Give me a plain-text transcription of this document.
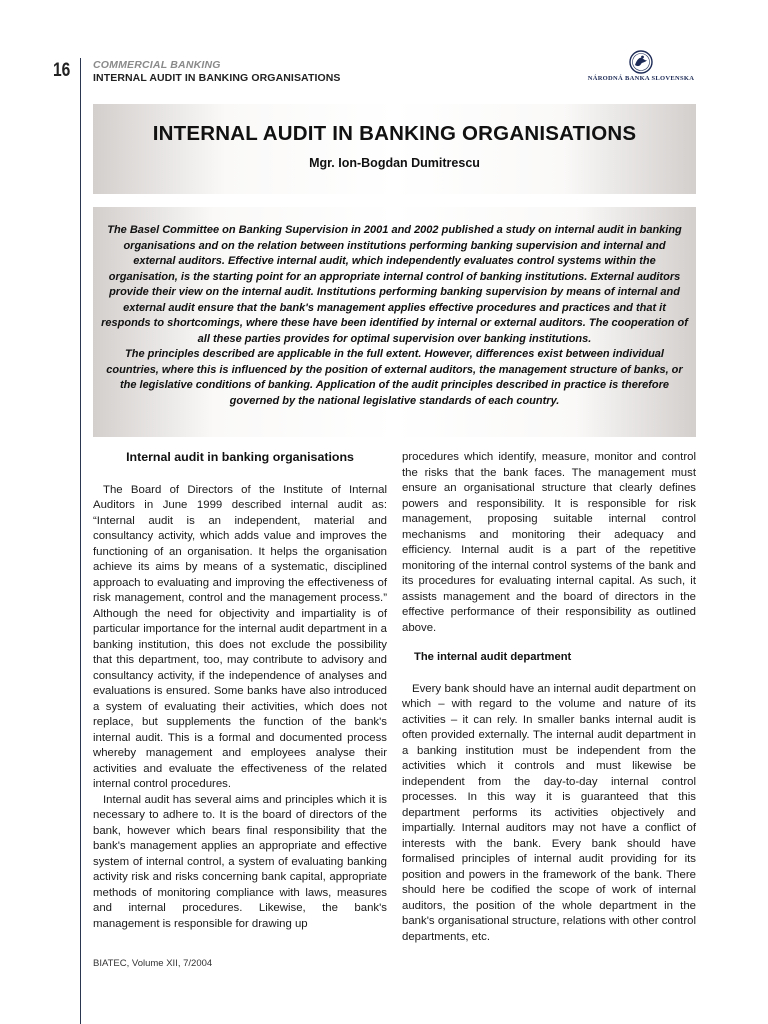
16 COMMERCIAL BANKING
INTERNAL AUDIT IN BANKING ORGANISATIONS	NÁRODNÁ BANKA SLOVENSKA
INTERNAL AUDIT IN BANKING ORGANISATIONS
Mgr. Ion-Bogdan Dumitrescu

The Basel Committee on Banking Supervision in 2001 and 2002 published a study on internal audit in banking organisations and on the relation between institutions performing banking supervision and internal and external auditors. Effective internal audit, which independently evaluates control systems within the organisation, is the starting point for an appropriate internal control of banking institutions. External auditors provide their view on the internal audit. Institutions performing banking supervision by means of internal and external audit ensure that the bank's management applies effective procedures and practices and that it responds to shortcomings, where these have been identified by internal or external auditors. The cooperation of all these parties provides for optimal supervision over banking institutions.

The principles described are applicable in the full extent. However, differences exist between individual countries, where this is influenced by the position of external auditors, the management structure of banks, or the legislative conditions of banking. Application of the audit principles described in practice is therefore governed by the national legislative standards of each country.

Internal audit in banking organisations

The Board of Directors of the Institute of Internal Auditors in June 1999 described internal audit as: “Internal audit is an independent, material and consultancy activity, which adds value and improves the functioning of an organisation. It helps the organisation achieve its aims by means of a systematic, disciplined approach to evaluating and improving the effectiveness of risk management, control and the management process.” Although the need for objectivity and impartiality is of particular importance for the internal audit department in a banking institution, this does not exclude the possibility that this department, too, may contribute to advisory and consultancy activity, if the independence of analyses and evaluations is ensured. Some banks have also introduced a system of evaluating their activities, which does not replace, but supplements the function of the bank's internal audit. This is a formal and documented process whereby management and employees analyse their activities and evaluate the effectiveness of the related internal control procedures.

Internal audit has several aims and principles which it is necessary to adhere to. It is the board of directors of the bank, however which bears final responsibility that the bank's management applies an appropriate and effective system of internal control, a system of evaluating banking activity risk and risks concerning bank capital, appropriate methods of monitoring compliance with laws, measures and internal procedures. Likewise, the bank's management is responsible for drawing up

procedures which identify, measure, monitor and control the risks that the bank faces. The management must ensure an organisational structure that clearly defines powers and responsibility. It is responsible for risk management, proposing suitable internal control mechanisms and monitoring their adequacy and efficiency. Internal audit is a part of the repetitive monitoring of the internal control systems of the bank and its procedures for evaluating internal capital. As such, it assists management and the board of directors in the effective performance of their responsibility as outlined above.

The internal audit department

Every bank should have an internal audit department on which – with regard to the volume and nature of its activities – it can rely. In smaller banks internal audit is often provided externally. The internal audit department in a banking institution must be independent from the activities which it controls and must likewise be independent from the day-to-day internal control processes. In this way it is guaranteed that this department performs its activities objectively and impartially. Internal auditors may not have a conflict of interests with the bank. Every bank should have formalised principles of internal audit providing for its position and powers in the framework of the bank. There should here be codified the scope of work of internal auditors, the position of the whole department in the bank's organisational structure, relations with other control departments, etc.

BIATEC, Volume XII, 7/2004
